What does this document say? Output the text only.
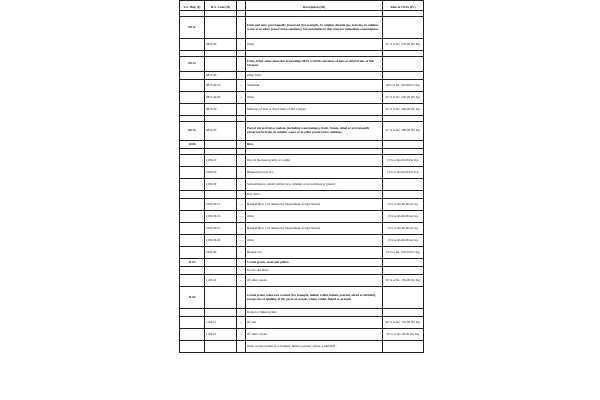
S.S. Hdg. (I)	H.S. Code (II)		Description (III)	Rate of CESS (IV)

08.12			Fruit and nuts, provisionally preserved (for example, by sulphur dioxide gas, in brine, in sulphur water or in other preservative solutions), but unsuitable in that state for immediate consumption.	
	0812.90	-	Other	45 % or Rs. 270.00 Per Kg.

08.13			Fruit, dried, other than that of headings 08.01 to 08.06; mixtures of nuts or dried fruits of this Chapter.	
	0813.40	-	Other fruit :	
	0813.40.10	--	Tamarind	20% or Rs. 350.00 Per Kg.
	0813.40.90	--	Other	45 % or Rs. 240.00 Per Kg.
	0813.50	-	Mixtures of nuts or dried fruits of this Chapter	45 % or Rs. 240.00 Per Kg.

08.14	0814.00		Peel of citrus fruit or melons (including watermelons), fresh, frozen, dried or provisionally preserved in brine, in sulphur water or in other preservative solutions.	45 % or Rs. 280.00 Per Kg.
10.06			Rice.	

	1006.10	-	Rice in the husk (paddy or rough)	15% or Rs.60.00 Per Kg.
	1006.20	-	Husked (brown) rice	15% or Rs.60.00 Per Kg.
	1006.30	-	Semi-milled or wholly milled rice, whether or not polished or glazed :	
			Raw Rice :	
	1006.30.11	---	Basmati Rice ( As defined by Department of Agriculture)	15% or Rs.60.00 per kg.
	1006.30.19	---	Other	15% or Rs.60.00 per kg.
	1006.30.21	---	Basmati Rice ( As defined by Department of Agriculture)	15% or Rs.60.00 per kg.
	1006.30.29	---	Other	15% or Rs.60.00 per kg.
	1006.40	-	Broken rice	15% or Rs. 100.00 Per Kg.
11.03			Cereal groats, meal and pellets.	
		-	Groats and meal :	
	1103.19	--	Of other cereals	30 % or Rs. 150.00 Per Kg.
11.04			Cereal grains otherwise worked (for example, hulled, rolled, flaked, pearled, sliced or kibbled), except rice of heading 11.06; germ of cereals, whole, rolled, flaked or ground.	
		-	Rolled or flaked grains :	
	1104.12	--	Of oats	30 % or Rs. 135.00 Per Kg.
	1104.19	--	Of other cereals	30 % or Rs. 65.00 Per Kg.
		-	Other worked grains (for example, hulled, pearled, sliced or kibbled) :	
